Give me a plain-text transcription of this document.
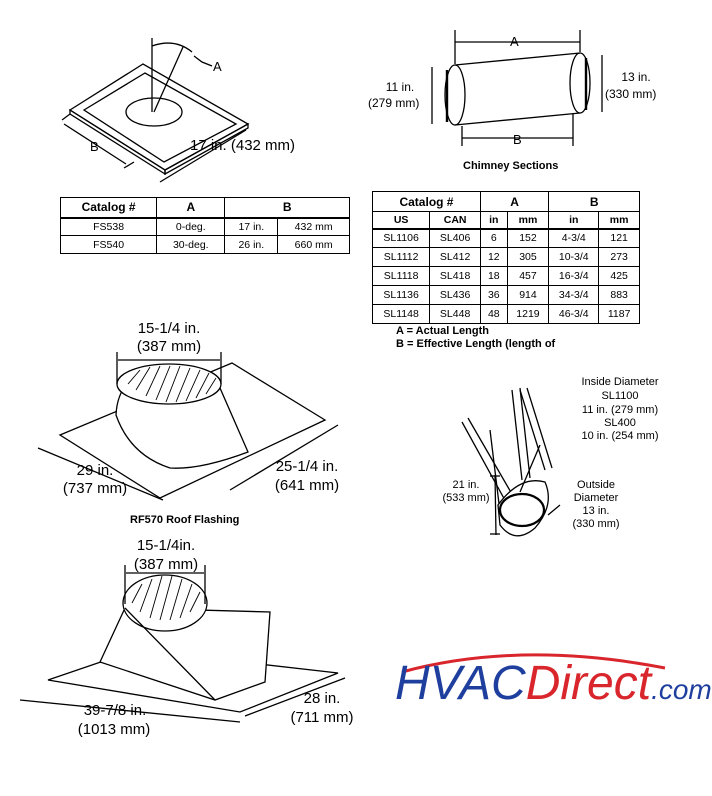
A
B	17 in. (432 mm)
Catalog #	A	B	
FS538	0-deg.	17 in.	432 mm
FS540	30-deg.	26 in.	660 mm
A
B
11 in.
(279 mm)
13 in.
(330 mm)
Chimney Sections
Catalog #		A		B	
US	CAN	in	mm	in	mm
SL1106	SL406	6	152	4-3/4	121
SL1112	SL412	12	305	10-3/4	273
SL1118	SL418	18	457	16-3/4	425
SL1136	SL436	36	914	34-3/4	883
SL1148	SL448	48	1219	46-3/4	1187
A = Actual Length
B = Effective Length (length of
15-1/4 in.
(387 mm)
29 in.
(737 mm)
25-1/4 in.
(641 mm)
RF570 Roof Flashing
Inside Diameter
SL1100
11 in. (279 mm)
SL400
10 in. (254 mm)
21 in.
(533 mm)
Outside
Diameter
13 in.
(330 mm)
15-1/4in.
(387 mm)
39-7/8 in.
(1013 mm)
28 in.
(711 mm)
HVACDirect.com
